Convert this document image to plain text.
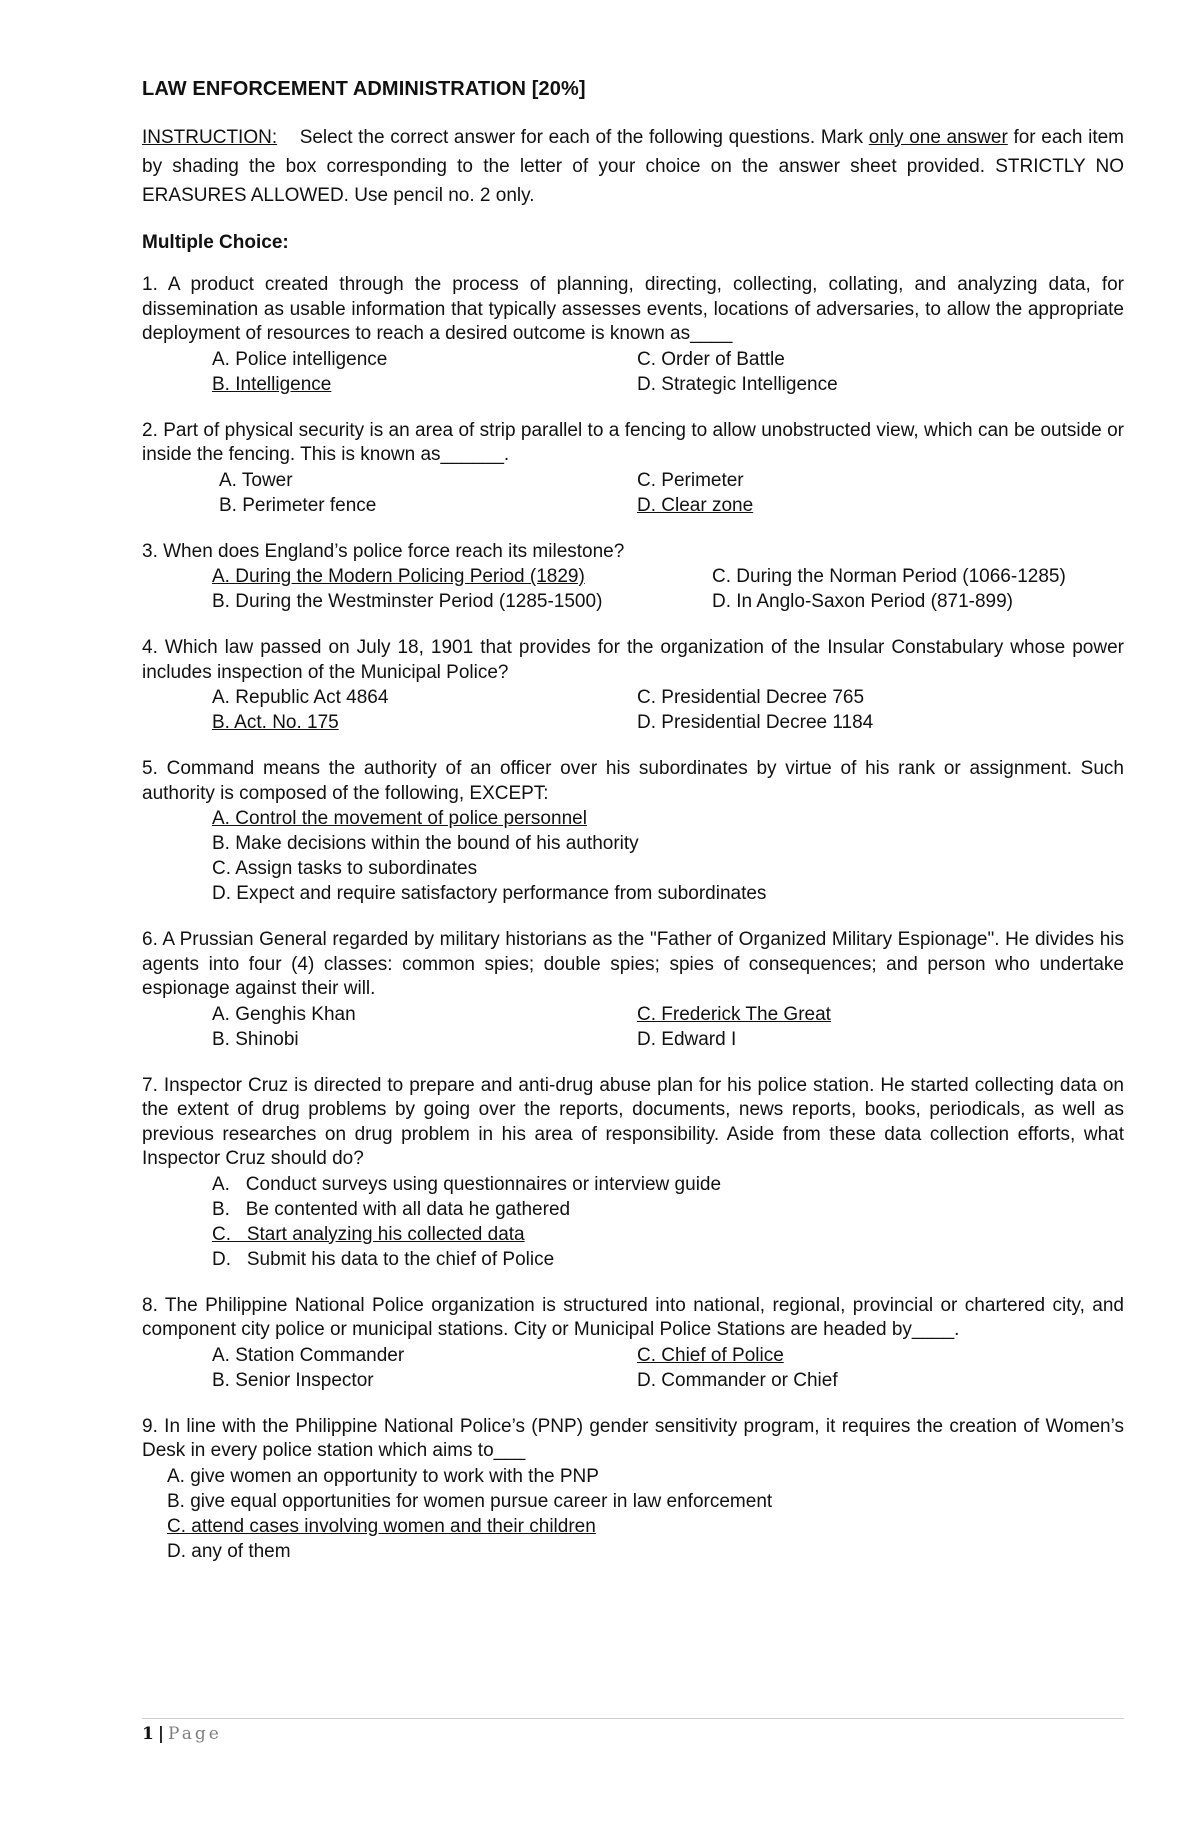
LAW ENFORCEMENT ADMINISTRATION [20%]

INSTRUCTION: Select the correct answer for each of the following questions. Mark only one answer for each item by shading the box corresponding to the letter of your choice on the answer sheet provided. STRICTLY NO ERASURES ALLOWED. Use pencil no. 2 only.

Multiple Choice:

1. A product created through the process of planning, directing, collecting, collating, and analyzing data, for dissemination as usable information that typically assesses events, locations of adversaries, to allow the appropriate deployment of resources to reach a desired outcome is known as____

A. Police intelligence	C. Order of Battle
B. Intelligence	D. Strategic Intelligence

2. Part of physical security is an area of strip parallel to a fencing to allow unobstructed view, which can be outside or inside the fencing. This is known as______.

A. Tower	C. Perimeter
B. Perimeter fence	D. Clear zone

3. When does England’s police force reach its milestone?

A. During the Modern Policing Period (1829)	C. During the Norman Period (1066-1285)
B. During the Westminster Period (1285-1500)	D. In Anglo-Saxon Period (871-899)

4. Which law passed on July 18, 1901 that provides for the organization of the Insular Constabulary whose power includes inspection of the Municipal Police?

A. Republic Act 4864	C. Presidential Decree 765
B. Act. No. 175	D. Presidential Decree 1184

5. Command means the authority of an officer over his subordinates by virtue of his rank or assignment. Such authority is composed of the following, EXCEPT:

A. Control the movement of police personnel
B. Make decisions within the bound of his authority
C. Assign tasks to subordinates
D. Expect and require satisfactory performance from subordinates

6. A Prussian General regarded by military historians as the "Father of Organized Military Espionage". He divides his agents into four (4) classes: common spies; double spies; spies of consequences; and person who undertake espionage against their will.

A. Genghis Khan	C. Frederick The Great
B. Shinobi	D. Edward I

7. Inspector Cruz is directed to prepare and anti-drug abuse plan for his police station. He started collecting data on the extent of drug problems by going over the reports, documents, news reports, books, periodicals, as well as previous researches on drug problem in his area of responsibility. Aside from these data collection efforts, what Inspector Cruz should do?

A.   Conduct surveys using questionnaires or interview guide
B.   Be contented with all data he gathered
C.   Start analyzing his collected data
D.   Submit his data to the chief of Police

8. The Philippine National Police organization is structured into national, regional, provincial or chartered city, and component city police or municipal stations. City or Municipal Police Stations are headed by____.

A. Station Commander	C. Chief of Police
B. Senior Inspector	D. Commander or Chief

9. In line with the Philippine National Police’s (PNP) gender sensitivity program, it requires the creation of Women’s Desk in every police station which aims to___

A. give women an opportunity to work with the PNP
B. give equal opportunities for women pursue career in law enforcement
C. attend cases involving women and their children
D. any of them
1 | Page
